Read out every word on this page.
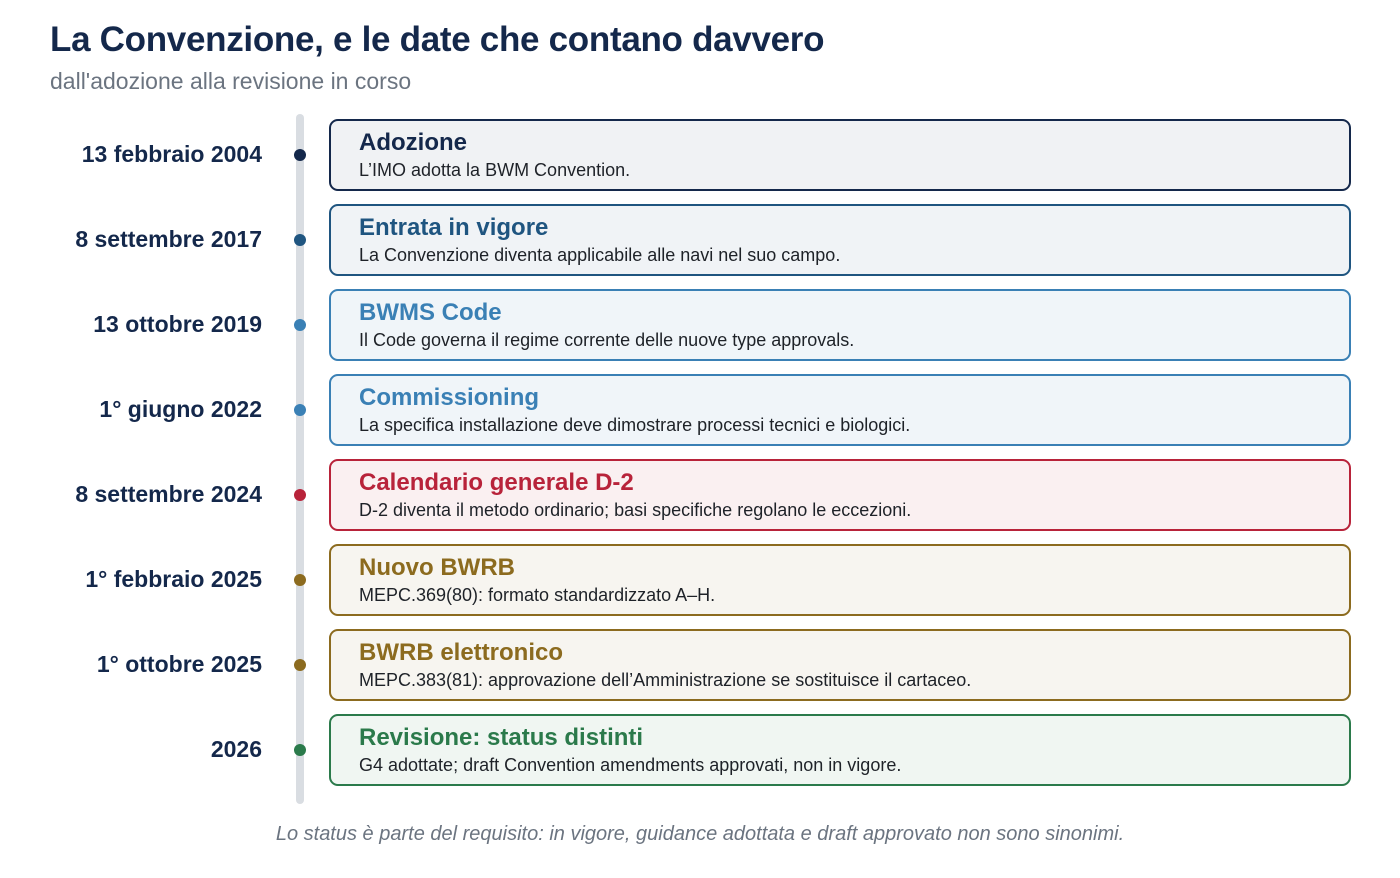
La Convenzione, e le date che contano davvero
dall'adozione alla revisione in corso
13 febbraio 2004	Adozione
L’IMO adotta la BWM Convention.
8 settembre 2017	Entrata in vigore
La Convenzione diventa applicabile alle navi nel suo campo.
13 ottobre 2019	BWMS Code
Il Code governa il regime corrente delle nuove type approvals.
1° giugno 2022	Commissioning
La specifica installazione deve dimostrare processi tecnici e biologici.
8 settembre 2024	Calendario generale D-2
D-2 diventa il metodo ordinario; basi specifiche regolano le eccezioni.
1° febbraio 2025	Nuovo BWRB
MEPC.369(80): formato standardizzato A–H.
1° ottobre 2025	BWRB elettronico
MEPC.383(81): approvazione dell’Amministrazione se sostituisce il cartaceo.
2026	Revisione: status distinti
G4 adottate; draft Convention amendments approvati, non in vigore.
Lo status è parte del requisito: in vigore, guidance adottata e draft approvato non sono sinonimi.
